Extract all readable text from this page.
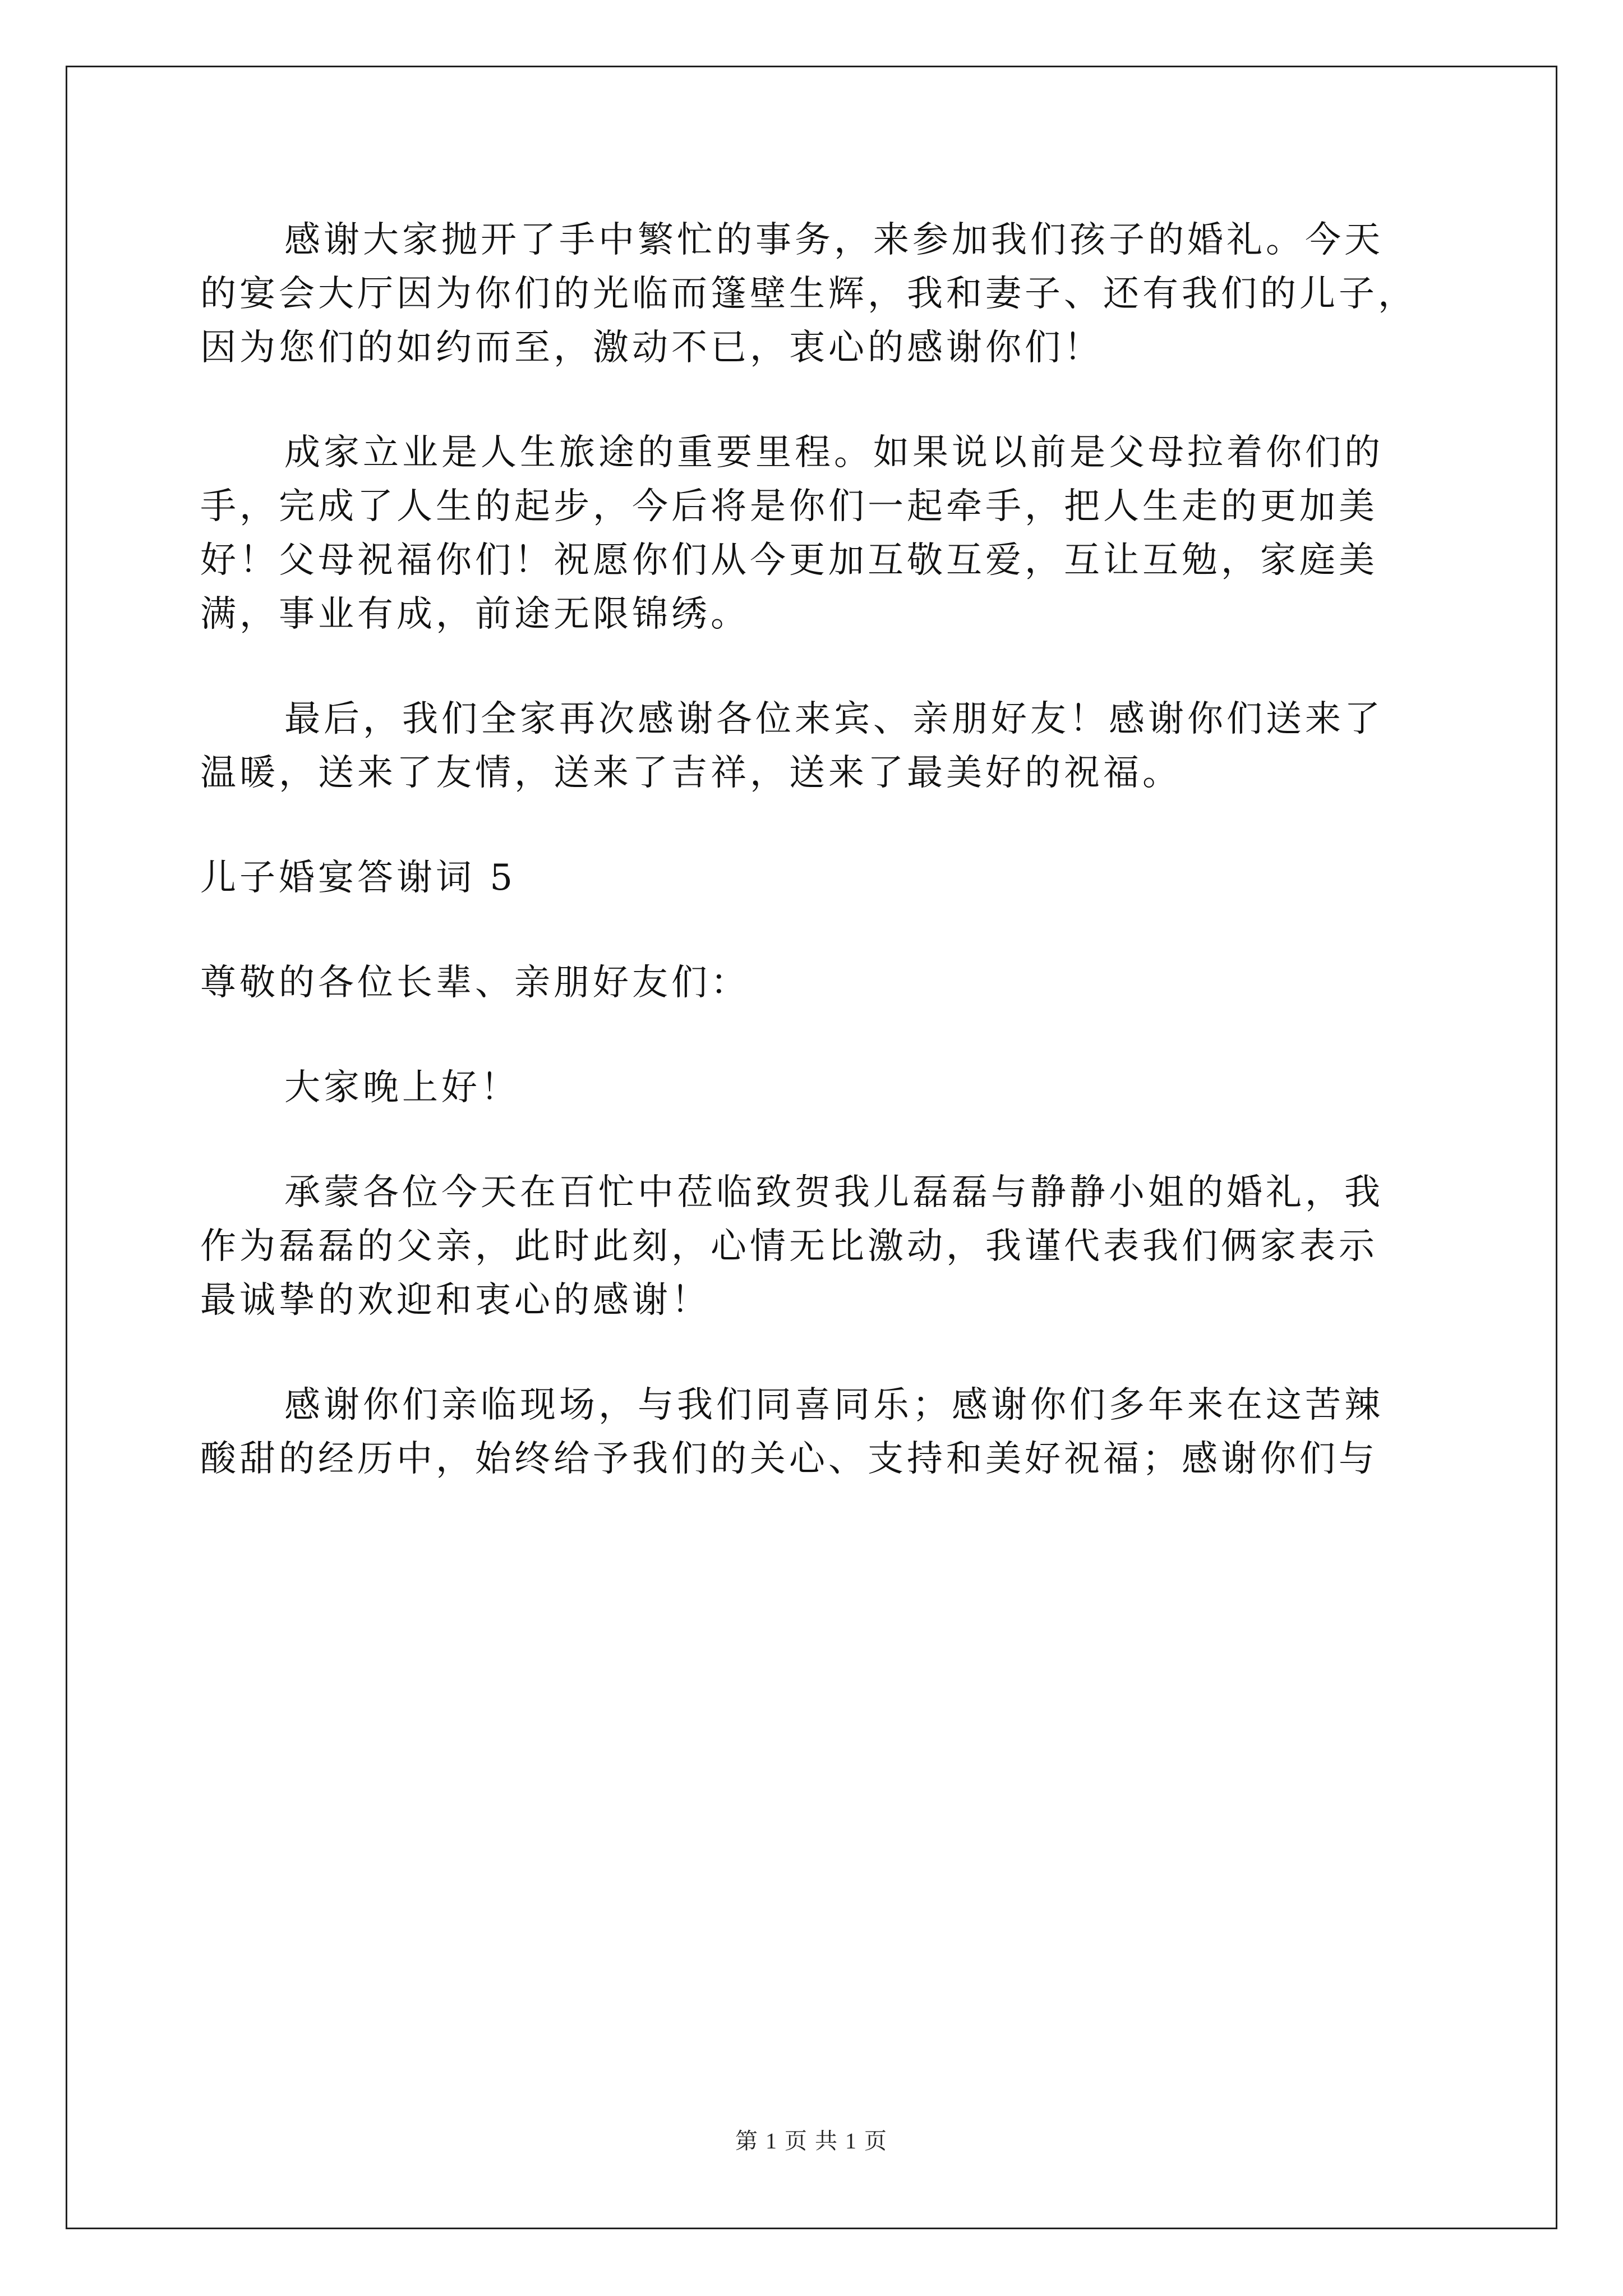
感谢大家抛开了手中繁忙的事务，来参加我们孩子的婚礼。今天

的宴会大厅因为你们的光临而篷壁生辉，我和妻子、还有我们的儿子，

因为您们的如约而至，激动不已，衷心的感谢你们！

成家立业是人生旅途的重要里程。如果说以前是父母拉着你们的

手，完成了人生的起步，今后将是你们一起牵手，把人生走的更加美

好！父母祝福你们！祝愿你们从今更加互敬互爱，互让互勉，家庭美

满，事业有成，前途无限锦绣。

最后，我们全家再次感谢各位来宾、亲朋好友！感谢你们送来了

温暖，送来了友情，送来了吉祥，送来了最美好的祝福。

儿子婚宴答谢词 5

尊敬的各位长辈、亲朋好友们：

大家晚上好！

承蒙各位今天在百忙中莅临致贺我儿磊磊与静静小姐的婚礼，我

作为磊磊的父亲，此时此刻，心情无比激动，我谨代表我们俩家表示

最诚挚的欢迎和衷心的感谢！

感谢你们亲临现场，与我们同喜同乐；感谢你们多年来在这苦辣

酸甜的经历中，始终给予我们的关心、支持和美好祝福；感谢你们与

第 1 页 共 1 页
